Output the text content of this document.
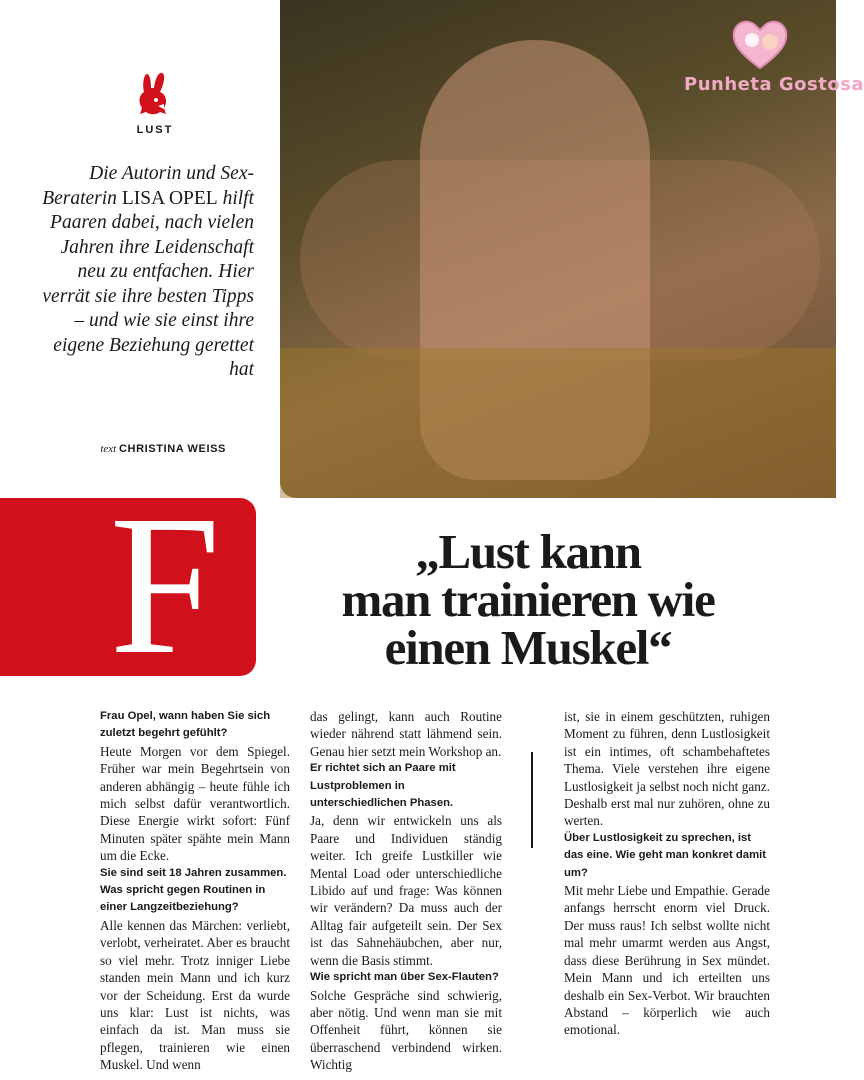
Punheta Gostosa
LUST
Die Autorin und Sex-Beraterin LISA OPEL hilft Paaren dabei, nach vielen Jahren ihre Leidenschaft neu zu entfachen. Hier verrät sie ihre besten Tipps – und wie sie einst ihre eigene Beziehung gerettet hat
text CHRISTINA WEISS
F	„Lust kann
man trainieren wie
einen Muskel“

Frau Opel, wann haben Sie sich zuletzt begehrt gefühlt?

Heute Morgen vor dem Spiegel. Früher war mein Begehrtsein von anderen abhängig – heute fühle ich mich selbst dafür verantwortlich. Diese Energie wirkt sofort: Fünf Minuten später spähte mein Mann um die Ecke.

Sie sind seit 18 Jahren zusammen. Was spricht gegen Routinen in einer Langzeitbeziehung?

Alle kennen das Märchen: verliebt, verlobt, verheiratet. Aber es braucht so viel mehr. Trotz inniger Liebe standen mein Mann und ich kurz vor der Scheidung. Erst da wurde uns klar: Lust ist nichts, was einfach da ist. Man muss sie pflegen, trainieren wie einen Muskel. Und wenn

das gelingt, kann auch Routine wieder nährend statt lähmend sein. Genau hier setzt mein Workshop an.

Er richtet sich an Paare mit Lustproblemen in unterschiedlichen Phasen.

Ja, denn wir entwickeln uns als Paare und Individuen ständig weiter. Ich greife Lustkiller wie Mental Load oder unterschiedliche Libido auf und frage: Was können wir verändern? Da muss auch der Alltag fair aufgeteilt sein. Der Sex ist das Sahnehäubchen, aber nur, wenn die Basis stimmt.

Wie spricht man über Sex-Flauten?

Solche Gespräche sind schwierig, aber nötig. Und wenn man sie mit Offenheit führt, können sie überraschend verbindend wirken. Wichtig

ist, sie in einem geschützten, ruhigen Moment zu führen, denn Lustlosigkeit ist ein intimes, oft schambehaftetes Thema. Viele verstehen ihre eigene Lustlosigkeit ja selbst noch nicht ganz. Deshalb erst mal nur zuhören, ohne zu werten.

Über Lustlosigkeit zu sprechen, ist das eine. Wie geht man konkret damit um?

Mit mehr Liebe und Empathie. Gerade anfangs herrscht enorm viel Druck. Der muss raus! Ich selbst wollte nicht mal mehr umarmt werden aus Angst, dass diese Berührung in Sex mündet. Mein Mann und ich erteilten uns deshalb ein Sex-Verbot. Wir brauchten Abstand – körperlich wie auch emotional.
